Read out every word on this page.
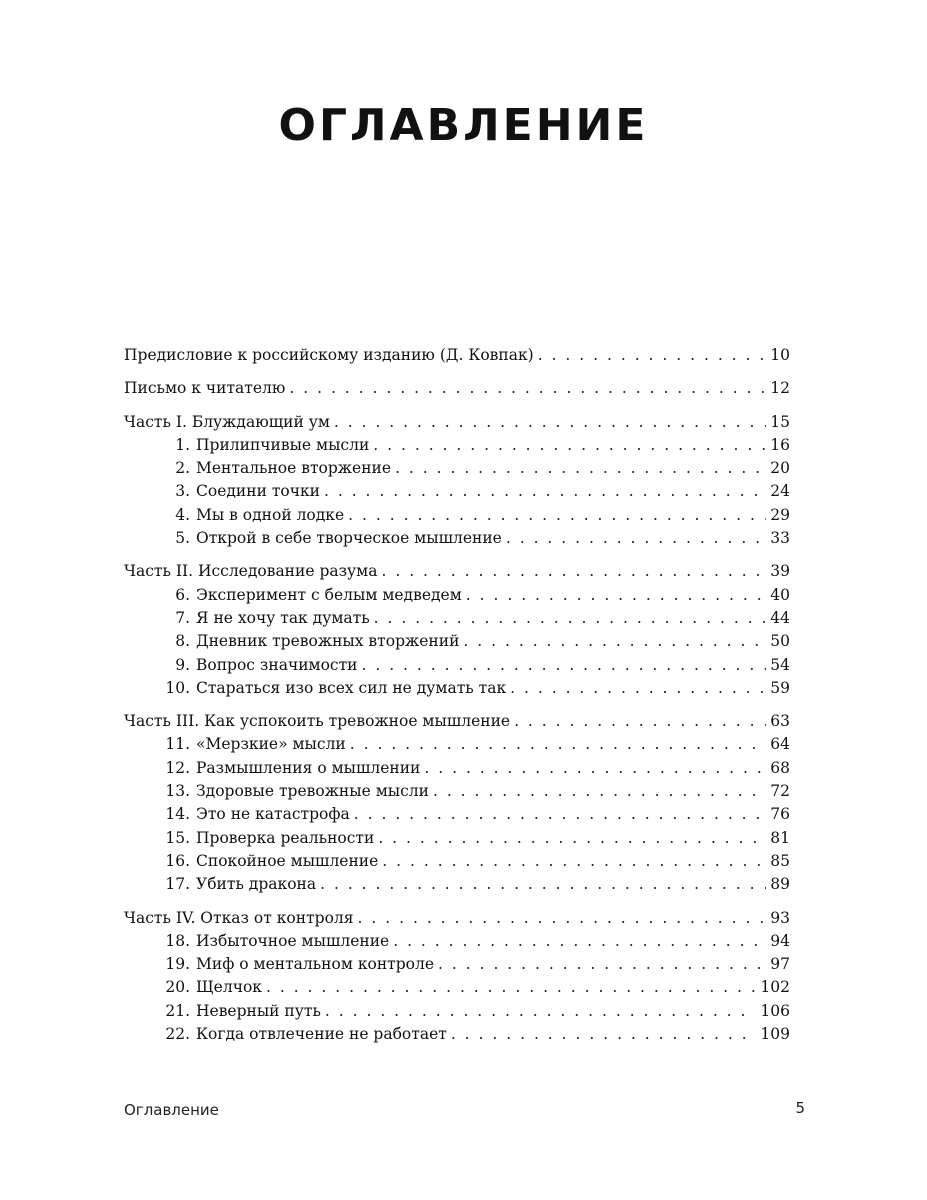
ОГЛАВЛЕНИЕ
Предисловие к российскому изданию (Д. Ковпак) . . .	10
Письмо к читателю . . .	12
Часть I. Блуждающий ум . . .	15
1. Прилипчивые мысли . . .	16
2. Ментальное вторжение . . .	20
3. Соедини точки . . .	24
4. Мы в одной лодке . . .	29
5. Открой в себе творческое мышление . . .	33
Часть II. Исследование разума . . .	39
6. Эксперимент с белым медведем . . .	40
7. Я не хочу так думать . . .	44
8. Дневник тревожных вторжений . . .	50
9. Вопрос значимости . . .	54
10. Стараться изо всех сил не думать так . . .	59
Часть III. Как успокоить тревожное мышление . . .	63
11. «Мерзкие» мысли . . .	64
12. Размышления о мышлении . . .	68
13. Здоровые тревожные мысли . . .	72
14. Это не катастрофа . . .	76
15. Проверка реальности . . .	81
16. Спокойное мышление . . .	85
17. Убить дракона . . .	89
Часть IV. Отказ от контроля . . .	93
18. Избыточное мышление . . .	94
19. Миф о ментальном контроле . . .	97
20. Щелчок . . .	102
21. Неверный путь . . .	106
22. Когда отвлечение не работает . . .	109
Оглавление	5
